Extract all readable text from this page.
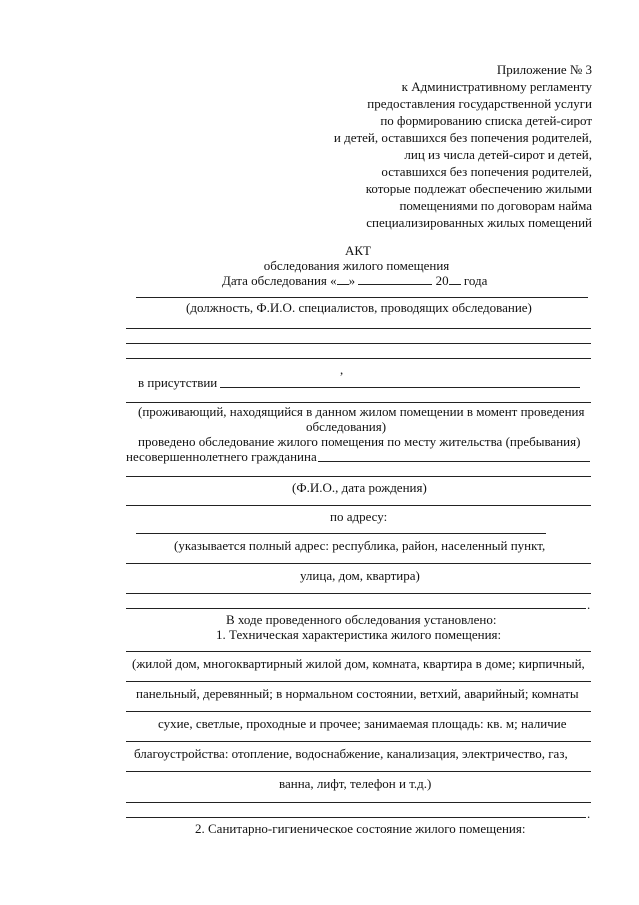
Приложение № 3
к Административному регламенту
предоставления государственной услуги
по формированию списка детей-сирот
и детей, оставшихся без попечения родителей,
лиц из числа детей-сирот и детей,
оставшихся без попечения родителей,
которые подлежат обеспечению жилыми
помещениями по договорам найма
специализированных жилых помещений
АКТ
обследования жилого помещения
Дата обследования « »	20 года
(должность, Ф.И.О. специалистов, проводящих обследование)
,
в присутствии
(проживающий, находящийся в данном жилом помещении в момент проведения
обследования)
проведено обследование жилого помещения по месту жительства (пребывания)
несовершеннолетнего гражданина
(Ф.И.О., дата рождения)
по адресу:
(указывается полный адрес: республика, район, населенный пункт,
улица, дом, квартира)
.
В ходе проведенного обследования установлено:
1. Техническая характеристика жилого помещения:
(жилой дом, многоквартирный жилой дом, комната, квартира в доме; кирпичный,
панельный, деревянный; в нормальном состоянии, ветхий, аварийный; комнаты
сухие, светлые, проходные и прочее; занимаемая площадь: кв. м; наличие
благоустройства: отопление, водоснабжение, канализация, электричество, газ,
ванна, лифт, телефон и т.д.)
.
2. Санитарно-гигиеническое состояние жилого помещения:
